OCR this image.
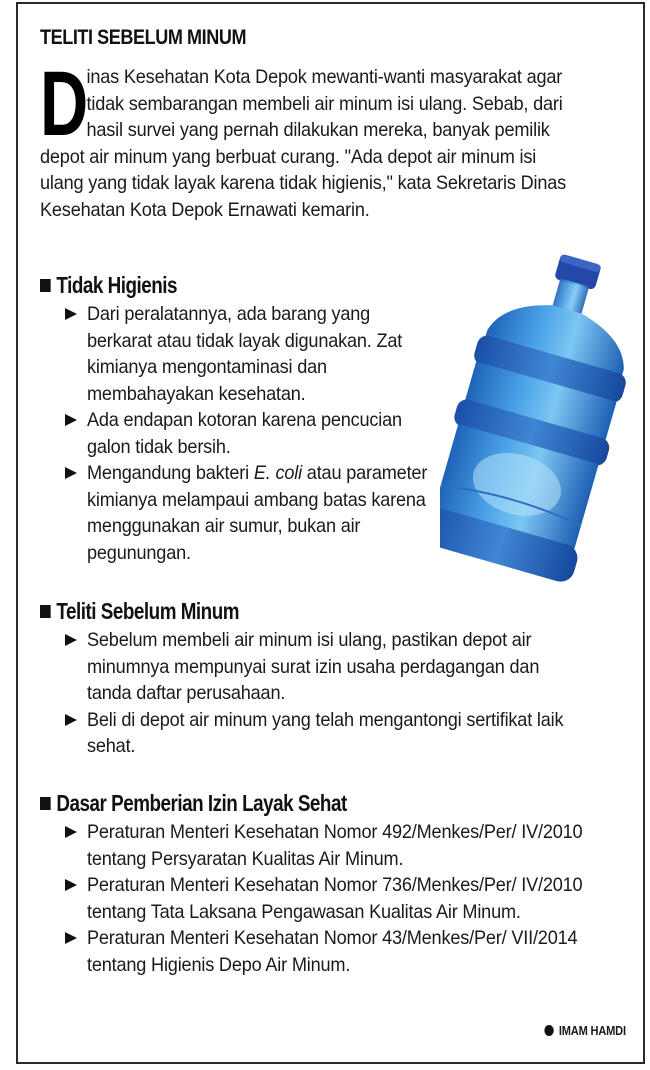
TELITI SEBELUM MINUM
D
inas Kesehatan Kota Depok mewanti-wanti masyarakat agar tidak sembarangan membeli air minum isi ulang. Sebab, dari hasil survei yang pernah dilakukan mereka, banyak pemilik depot air minum yang berbuat curang. "Ada depot air minum isi ulang yang tidak layak karena tidak higienis," kata Sekretaris Dinas Kesehatan Kota Depok Ernawati kemarin.
Tidak Higienis
Dari peralatannya, ada barang yang berkarat atau tidak layak digunakan. Zat kimianya mengontaminasi dan membahayakan kesehatan.
Ada endapan kotoran karena pencucian galon tidak bersih.
Mengandung bakteri E. coli atau parameter kimianya melampaui ambang batas karena menggunakan air sumur, bukan air pegunungan.
Teliti Sebelum Minum
Sebelum membeli air minum isi ulang, pastikan depot air minumnya mempunyai surat izin usaha perdagangan dan tanda daftar perusahaan.
Beli di depot air minum yang telah mengantongi sertifikat laik sehat.
Dasar Pemberian Izin Layak Sehat
Peraturan Menteri Kesehatan Nomor 492/Menkes/Per/ IV/2010 tentang Persyaratan Kualitas Air Minum.
Peraturan Menteri Kesehatan Nomor 736/Menkes/Per/ IV/2010 tentang Tata Laksana Pengawasan Kualitas Air Minum.
Peraturan Menteri Kesehatan Nomor 43/Menkes/Per/ VII/2014 tentang Higienis Depo Air Minum.
IMAM HAMDI
